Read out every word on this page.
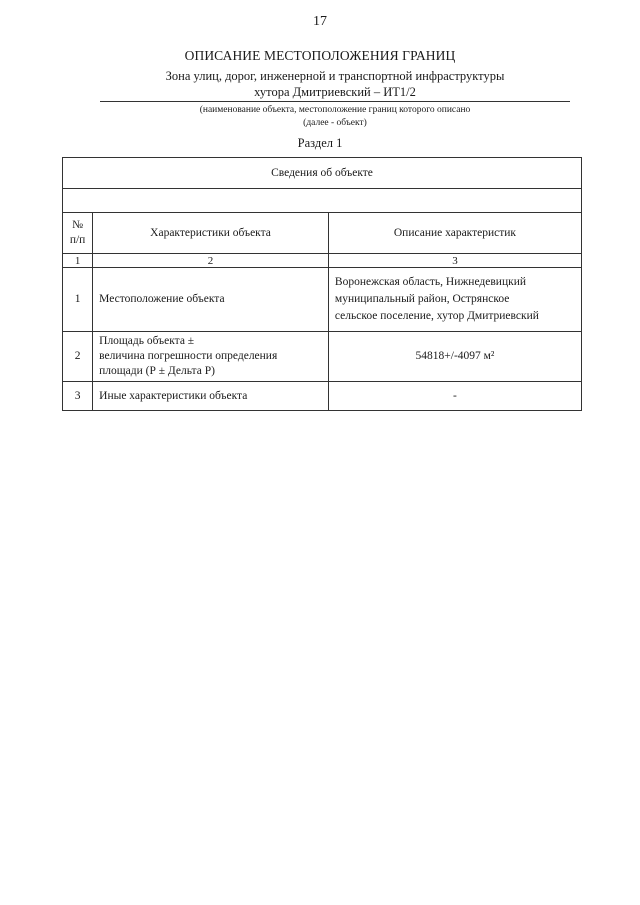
17
ОПИСАНИЕ МЕСТОПОЛОЖЕНИЯ ГРАНИЦ
Зона улиц, дорог, инженерной и транспортной инфраструктуры
хутора Дмитриевский – ИТ1/2
(наименование объекта, местоположение границ которого описано
(далее - объект)
Раздел 1
Сведения об объекте		

№
п/п	Характеристики объекта	Описание характеристик
1	2	3
1	Местоположение объекта	Воронежская область, Нижнедевицкий
муниципальный район, Острянское
сельское поселение, хутор Дмитриевский

2	Площадь объекта ±
величина погрешности определения
площади (Р ± Дельта Р)	54818+/-4097 м²
3	Иные характеристики объекта	-
